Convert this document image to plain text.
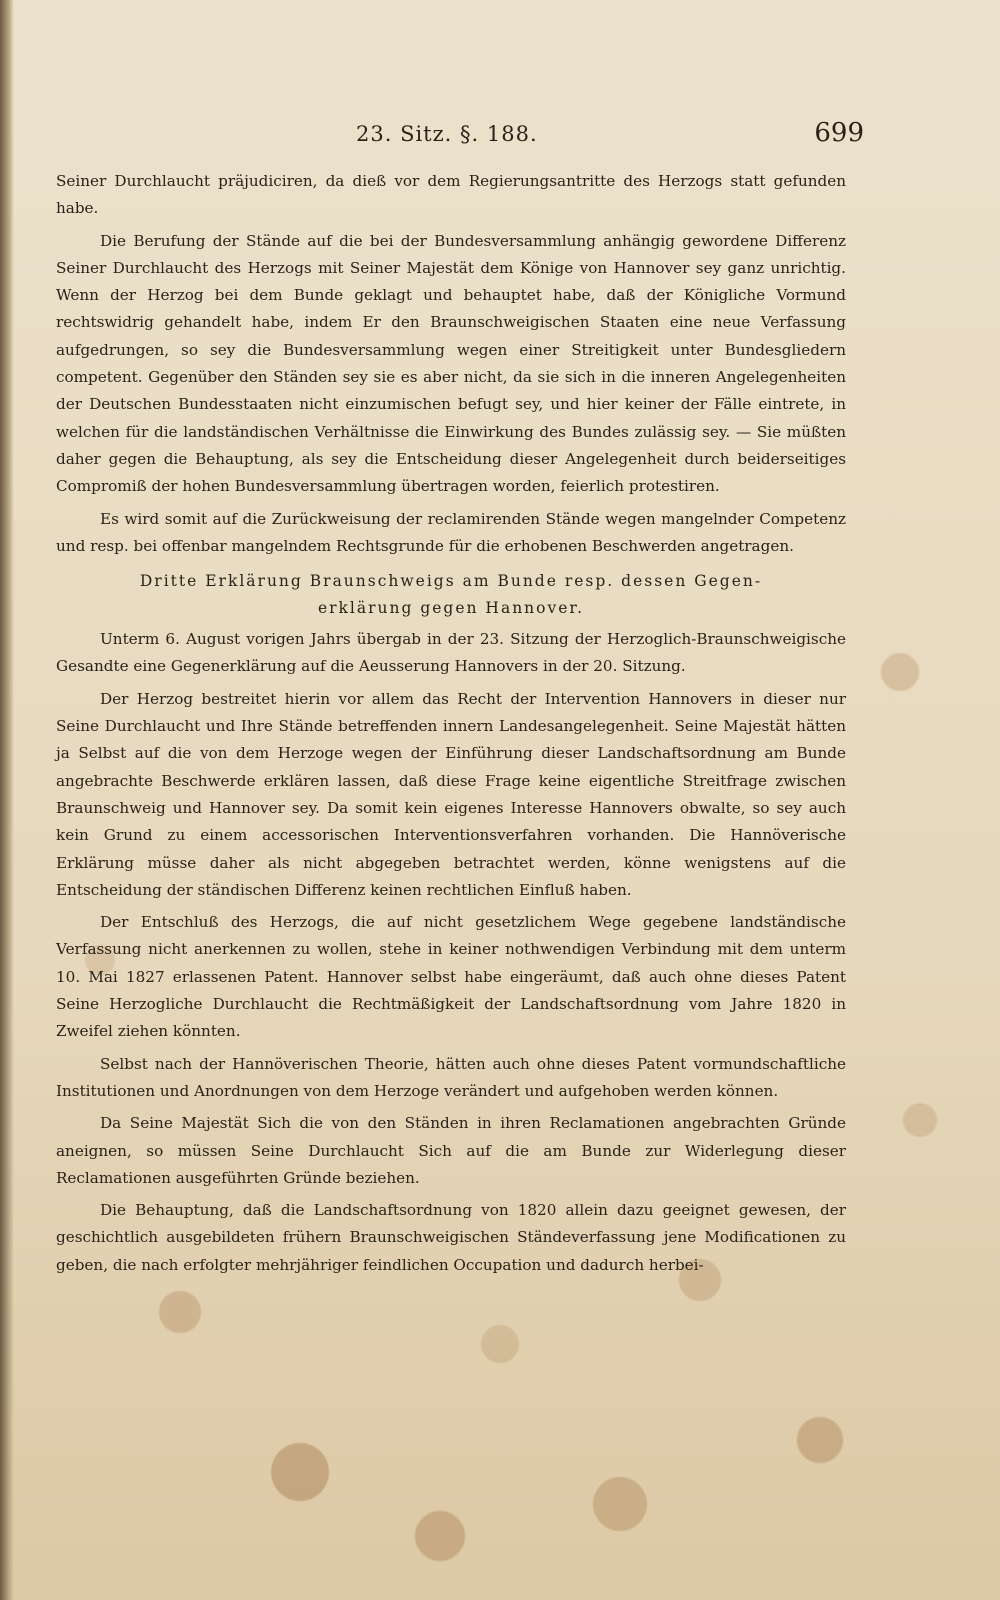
23. Sitz. §. 188.	699

Seiner Durchlaucht präjudiciren, da dieß vor dem Regierungsantritte des Herzogs statt gefunden habe.

Die Berufung der Stände auf die bei der Bundesversammlung anhängig gewordene Differenz Seiner Durchlaucht des Herzogs mit Seiner Majestät dem Könige von Hannover sey ganz unrichtig. Wenn der Herzog bei dem Bunde geklagt und behauptet habe, daß der Königliche Vormund rechtswidrig gehandelt habe, indem Er den Braunschweigischen Staaten eine neue Verfassung aufgedrungen, so sey die Bundesversammlung wegen einer Streitigkeit unter Bundesgliedern competent. Gegenüber den Ständen sey sie es aber nicht, da sie sich in die inneren Angelegenheiten der Deutschen Bundesstaaten nicht einzumischen befugt sey, und hier keiner der Fälle eintrete, in welchen für die landständischen Verhältnisse die Einwirkung des Bundes zulässig sey. — Sie müßten daher gegen die Behauptung, als sey die Entscheidung dieser Angelegenheit durch beiderseitiges Compromiß der hohen Bundesversammlung übertragen worden, feierlich protestiren.

Es wird somit auf die Zurückweisung der reclamirenden Stände wegen mangelnder Competenz und resp. bei offenbar mangelndem Rechtsgrunde für die erhobenen Beschwerden angetragen.

Dritte Erklärung Braunschweigs am Bunde resp. dessen Gegen-
erklärung gegen Hannover.

Unterm 6. August vorigen Jahrs übergab in der 23. Sitzung der Herzoglich-Braunschweigische Gesandte eine Gegenerklärung auf die Aeusserung Hannovers in der 20. Sitzung.

Der Herzog bestreitet hierin vor allem das Recht der Intervention Hannovers in dieser nur Seine Durchlaucht und Ihre Stände betreffenden innern Landesangelegenheit. Seine Majestät hätten ja Selbst auf die von dem Herzoge wegen der Einführung dieser Landschaftsordnung am Bunde angebrachte Beschwerde erklären lassen, daß diese Frage keine eigentliche Streitfrage zwischen Braunschweig und Hannover sey. Da somit kein eigenes Interesse Hannovers obwalte, so sey auch kein Grund zu einem accessorischen Interventionsverfahren vorhanden. Die Hannöverische Erklärung müsse daher als nicht abgegeben betrachtet werden, könne wenigstens auf die Entscheidung der ständischen Differenz keinen rechtlichen Einfluß haben.

Der Entschluß des Herzogs, die auf nicht gesetzlichem Wege gegebene landständische Verfassung nicht anerkennen zu wollen, stehe in keiner nothwendigen Verbindung mit dem unterm 10. Mai 1827 erlassenen Patent. Hannover selbst habe eingeräumt, daß auch ohne dieses Patent Seine Herzogliche Durchlaucht die Rechtmäßigkeit der Landschaftsordnung vom Jahre 1820 in Zweifel ziehen könnten.

Selbst nach der Hannöverischen Theorie, hätten auch ohne dieses Patent vormundschaftliche Institutionen und Anordnungen von dem Herzoge verändert und aufgehoben werden können.

Da Seine Majestät Sich die von den Ständen in ihren Reclamationen angebrachten Gründe aneignen, so müssen Seine Durchlaucht Sich auf die am Bunde zur Widerlegung dieser Reclamationen ausgeführten Gründe beziehen.

Die Behauptung, daß die Landschaftsordnung von 1820 allein dazu geeignet gewesen, der geschichtlich ausgebildeten frühern Braunschweigischen Ständeverfassung jene Modificationen zu geben, die nach erfolgter mehrjähriger feindlichen Occupation und dadurch herbei-
